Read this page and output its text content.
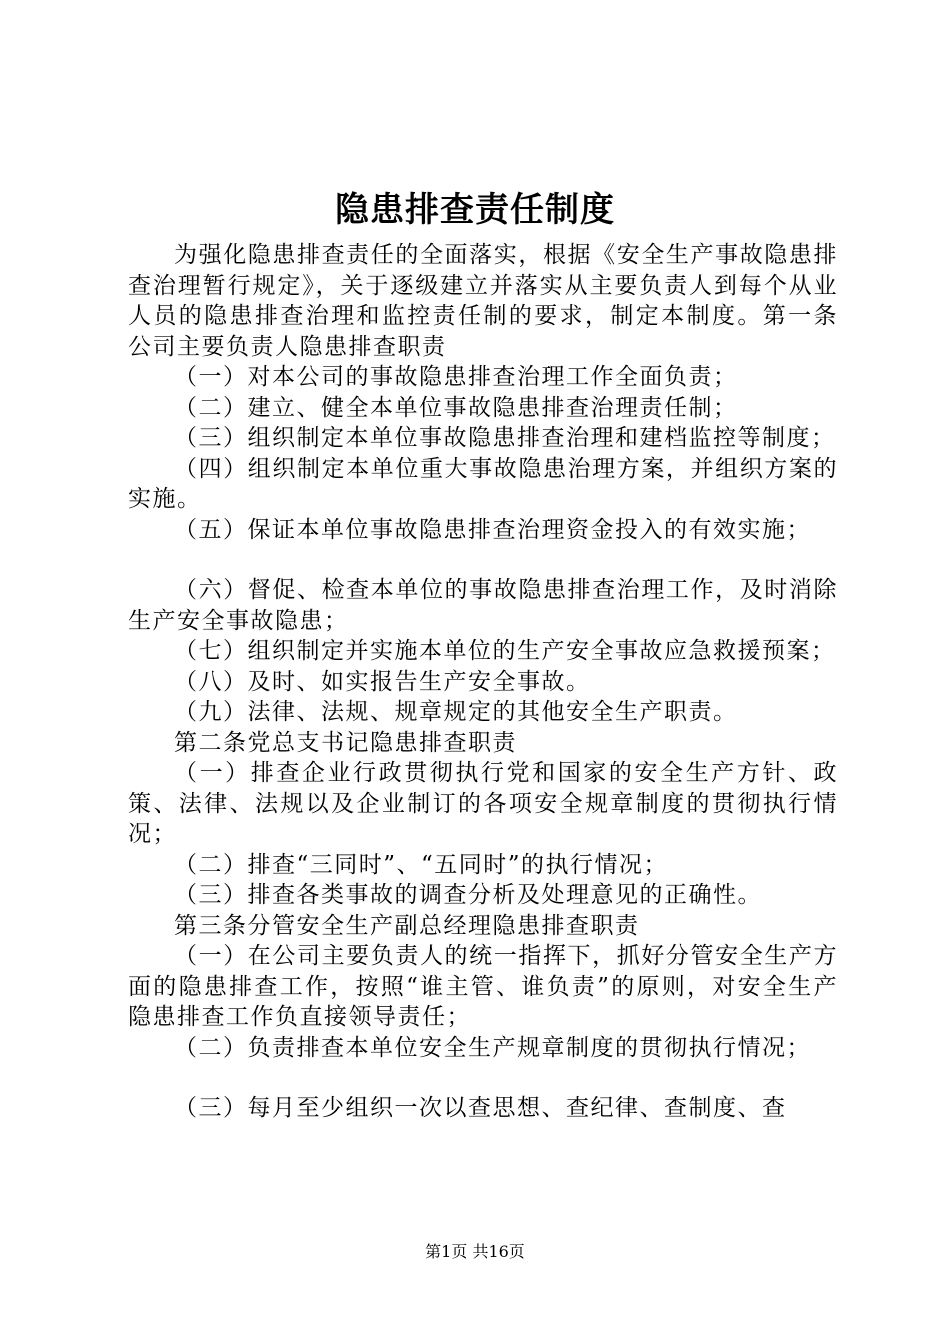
隐患排查责任制度

为强化隐患排查责任的全面落实，根据《安全生产事故隐患排查治理暂行规定》，关于逐级建立并落实从主要负责人到每个从业人员的隐患排查治理和监控责任制的要求，制定本制度。第一条公司主要负责人隐患排查职责

（一）对本公司的事故隐患排查治理工作全面负责；

（二）建立、健全本单位事故隐患排查治理责任制；

（三）组织制定本单位事故隐患排查治理和建档监控等制度；

（四）组织制定本单位重大事故隐患治理方案，并组织方案的实施。

（五）保证本单位事故隐患排查治理资金投入的有效实施；

（六）督促、检查本单位的事故隐患排查治理工作，及时消除生产安全事故隐患；

（七）组织制定并实施本单位的生产安全事故应急救援预案；

（八）及时、如实报告生产安全事故。

（九）法律、法规、规章规定的其他安全生产职责。

第二条党总支书记隐患排查职责

（一）排查企业行政贯彻执行党和国家的安全生产方针、政策、法律、法规以及企业制订的各项安全规章制度的贯彻执行情况；

（二）排查“三同时”、“五同时”的执行情况；

（三）排查各类事故的调查分析及处理意见的正确性。

第三条分管安全生产副总经理隐患排查职责

（一）在公司主要负责人的统一指挥下，抓好分管安全生产方面的隐患排查工作，按照“谁主管、谁负责”的原则，对安全生产隐患排查工作负直接领导责任；

（二）负责排查本单位安全生产规章制度的贯彻执行情况；

（三）每月至少组织一次以查思想、查纪律、查制度、查

第1页 共16页
